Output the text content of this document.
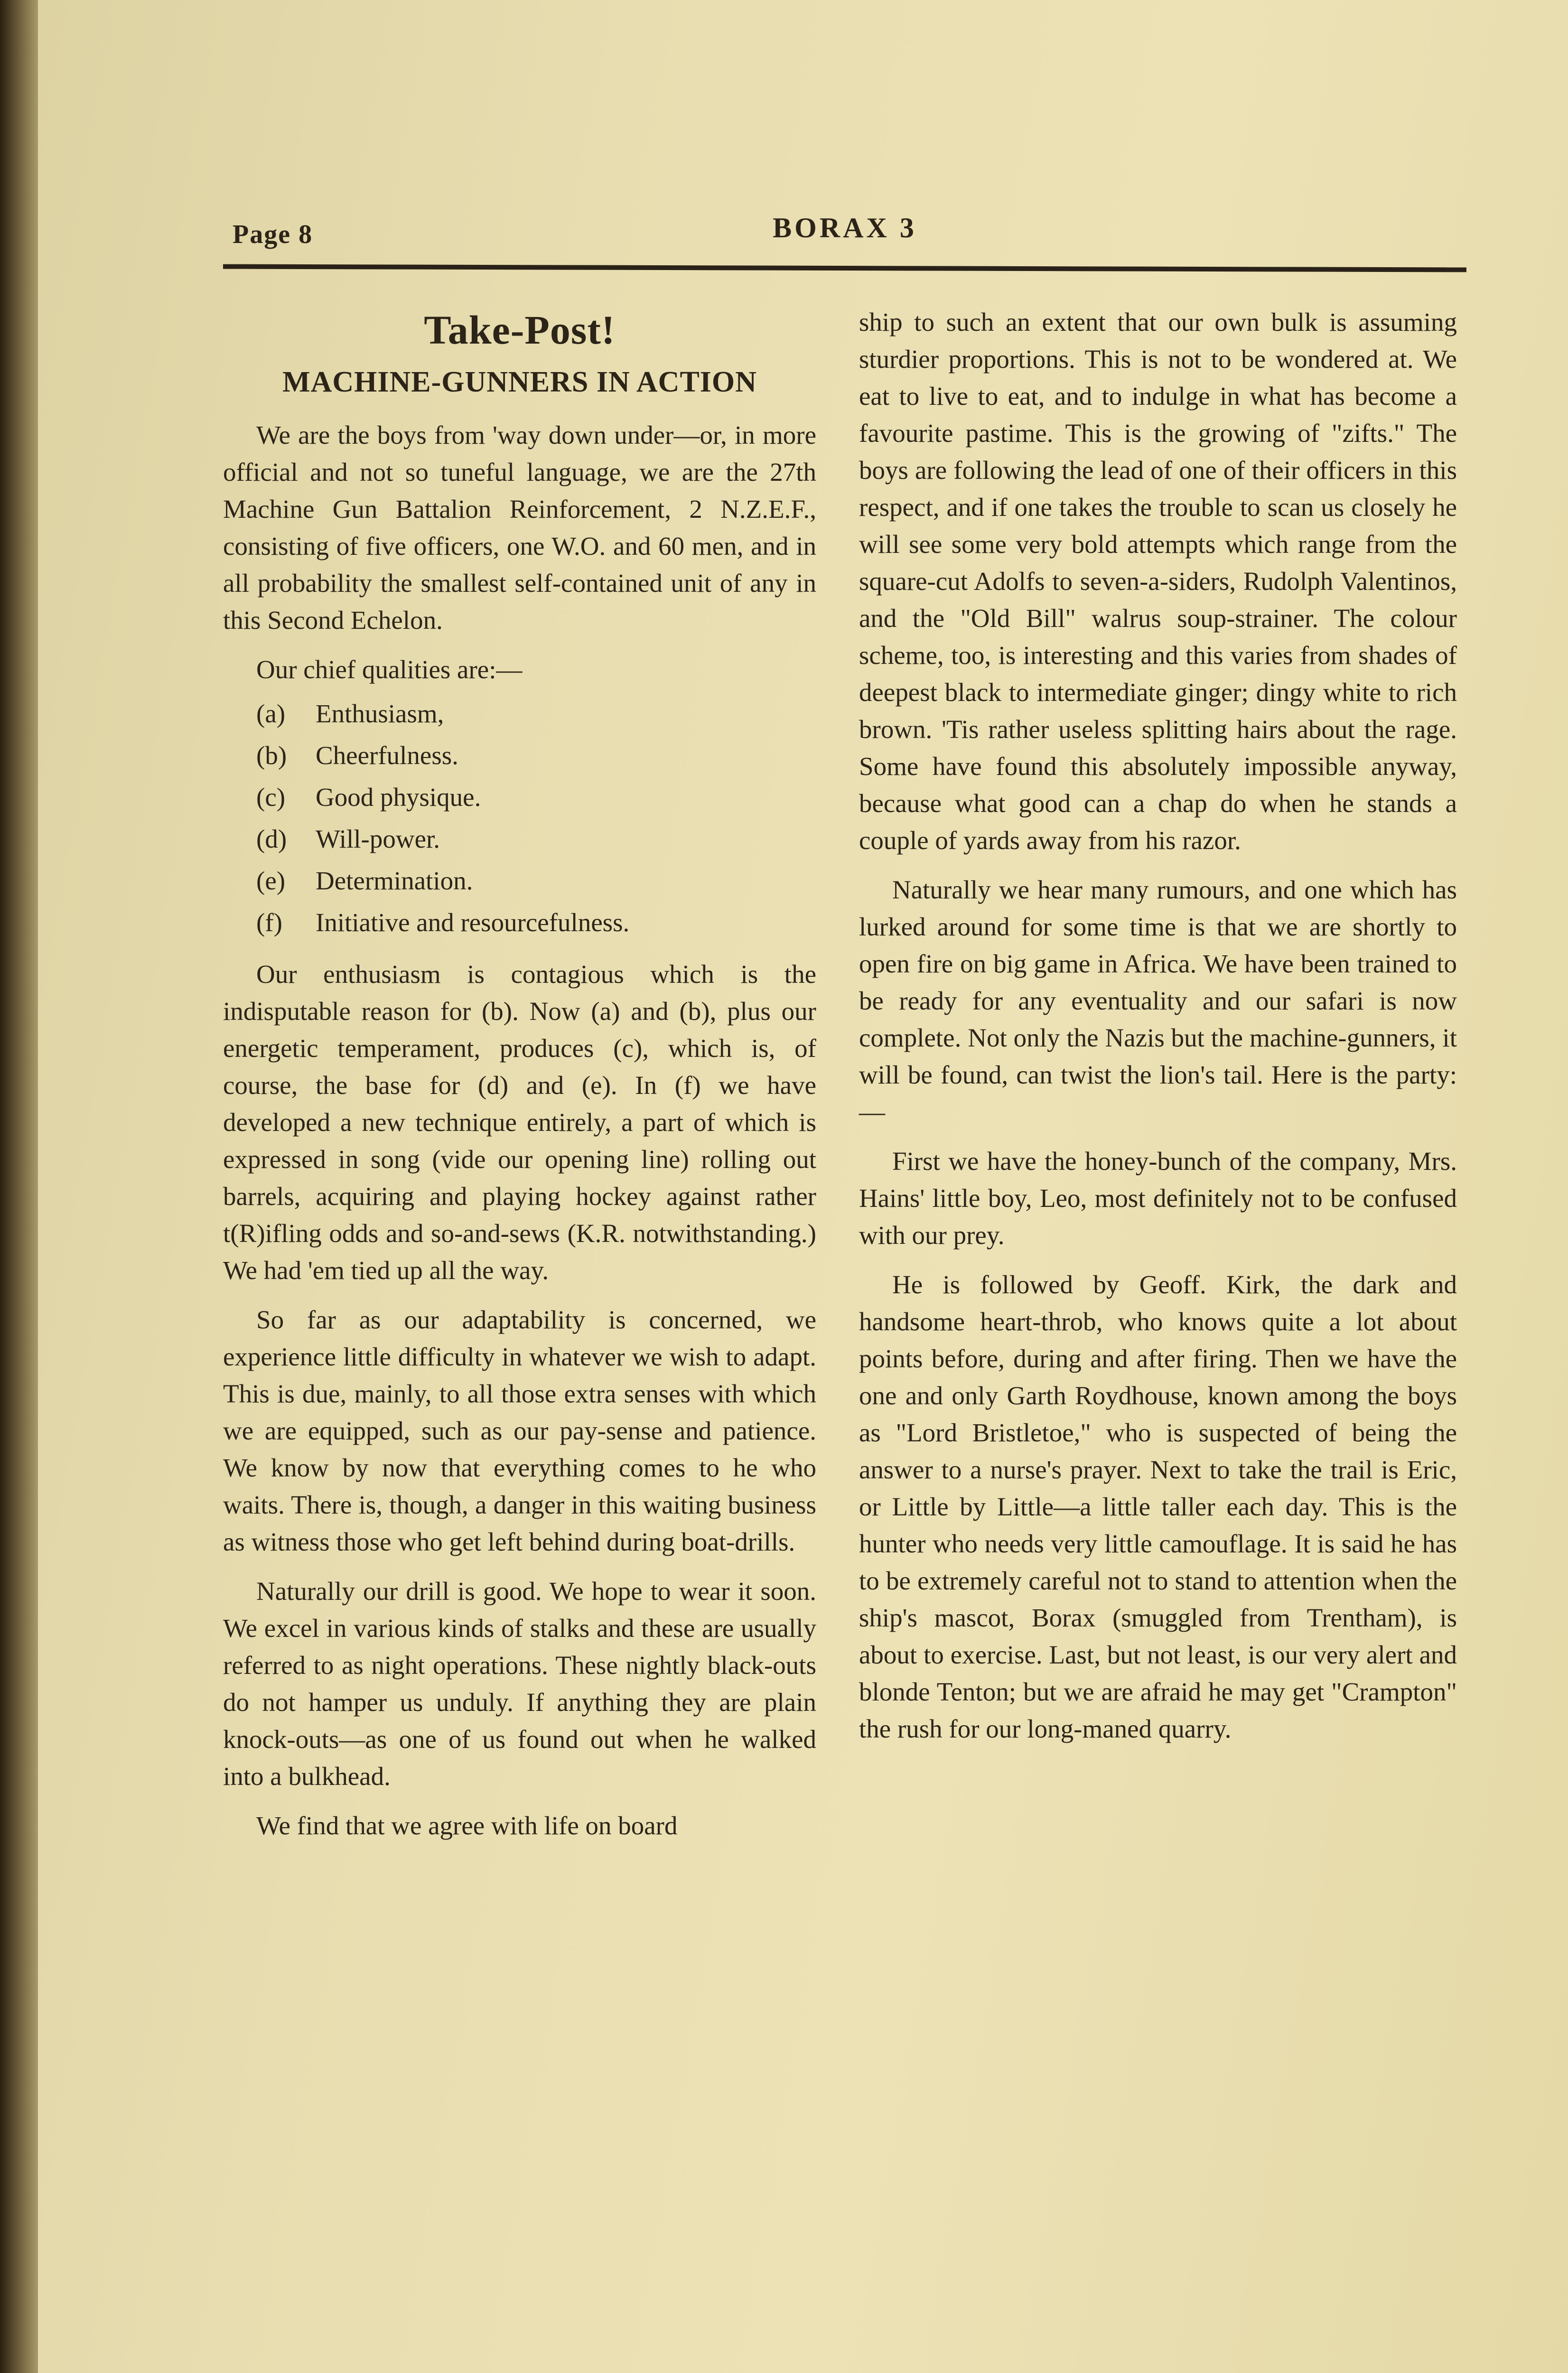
Page 8	BORAX 3
Take-Post!
MACHINE-GUNNERS IN ACTION

We are the boys from 'way down under—or, in more official and not so tuneful language, we are the 27th Machine Gun Battalion Reinforcement, 2 N.Z.E.F., consisting of five officers, one W.O. and 60 men, and in all probability the smallest self-contained unit of any in this Second Echelon.

Our chief qualities are:—

(a) Enthusiasm,
(b) Cheerfulness.
(c) Good physique.
(d) Will-power.
(e) Determination.
(f) Initiative and resourcefulness.

Our enthusiasm is contagious which is the indisputable reason for (b). Now (a) and (b), plus our energetic temperament, produces (c), which is, of course, the base for (d) and (e). In (f) we have developed a new technique entirely, a part of which is expressed in song (vide our opening line) rolling out barrels, acquiring and playing hockey against rather t(R)ifling odds and so-and-sews (K.R. notwithstanding.) We had 'em tied up all the way.

So far as our adaptability is concerned, we experience little difficulty in whatever we wish to adapt. This is due, mainly, to all those extra senses with which we are equipped, such as our pay-sense and patience. We know by now that everything comes to he who waits. There is, though, a danger in this waiting business as witness those who get left behind during boat-drills.

Naturally our drill is good. We hope to wear it soon. We excel in various kinds of stalks and these are usually referred to as night operations. These nightly black-outs do not hamper us unduly. If anything they are plain knock-outs—as one of us found out when he walked into a bulkhead.

We find that we agree with life on board

ship to such an extent that our own bulk is assuming sturdier proportions. This is not to be wondered at. We eat to live to eat, and to indulge in what has become a favourite pastime. This is the growing of "zifts." The boys are following the lead of one of their officers in this respect, and if one takes the trouble to scan us closely he will see some very bold attempts which range from the square-cut Adolfs to seven-a-siders, Rudolph Valentinos, and the "Old Bill" walrus soup-strainer. The colour scheme, too, is interesting and this varies from shades of deepest black to intermediate ginger; dingy white to rich brown. 'Tis rather useless splitting hairs about the rage. Some have found this absolutely impossible anyway, because what good can a chap do when he stands a couple of yards away from his razor.

Naturally we hear many rumours, and one which has lurked around for some time is that we are shortly to open fire on big game in Africa. We have been trained to be ready for any eventuality and our safari is now complete. Not only the Nazis but the machine-gunners, it will be found, can twist the lion's tail. Here is the party:—

First we have the honey-bunch of the company, Mrs. Hains' little boy, Leo, most definitely not to be confused with our prey.

He is followed by Geoff. Kirk, the dark and handsome heart-throb, who knows quite a lot about points before, during and after firing. Then we have the one and only Garth Roydhouse, known among the boys as "Lord Bristletoe," who is suspected of being the answer to a nurse's prayer. Next to take the trail is Eric, or Little by Little—a little taller each day. This is the hunter who needs very little camouflage. It is said he has to be extremely careful not to stand to attention when the ship's mascot, Borax (smuggled from Trentham), is about to exercise. Last, but not least, is our very alert and blonde Tenton; but we are afraid he may get "Crampton" the rush for our long-maned quarry.
